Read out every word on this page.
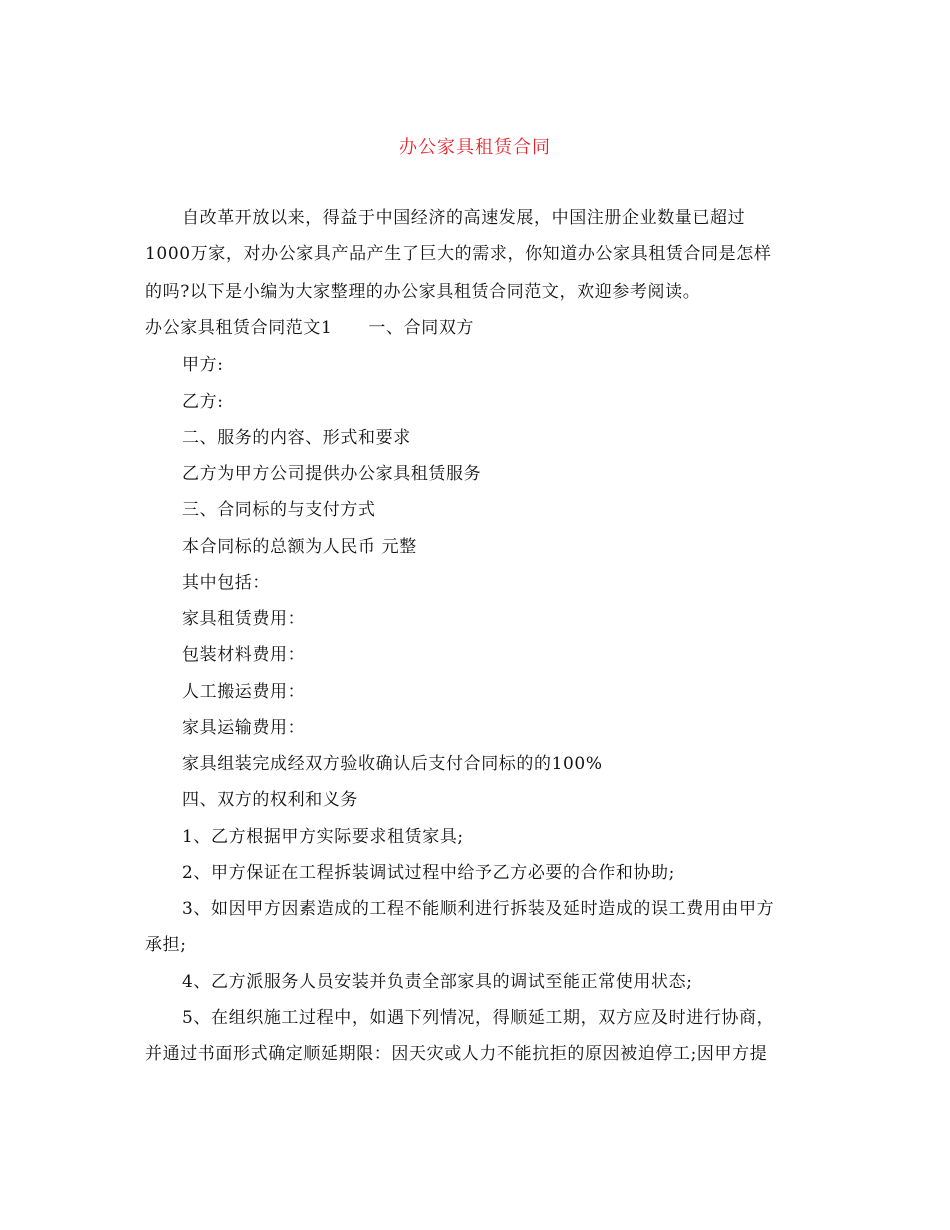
办公家具租赁合同
自改革开放以来，得益于中国经济的高速发展，中国注册企业数量已超过
1000万家，对办公家具产品产生了巨大的需求，你知道办公家具租赁合同是怎样
的吗?以下是小编为大家整理的办公家具租赁合同范文，欢迎参考阅读。
办公家具租赁合同范文1 一、合同双方
甲方:
乙方:
二、服务的内容、形式和要求
乙方为甲方公司提供办公家具租赁服务
三、合同标的与支付方式
本合同标的总额为人民币 元整
其中包括：
家具租赁费用：
包装材料费用：
人工搬运费用：
家具运输费用：
家具组装完成经双方验收确认后支付合同标的的100%
四、双方的权利和义务
1、乙方根据甲方实际要求租赁家具;
2、甲方保证在工程拆装调试过程中给予乙方必要的合作和协助;
3、如因甲方因素造成的工程不能顺利进行拆装及延时造成的误工费用由甲方
承担;
4、乙方派服务人员安装并负责全部家具的调试至能正常使用状态;
5、在组织施工过程中，如遇下列情况，得顺延工期，双方应及时进行协商，
并通过书面形式确定顺延期限：因天灾或人力不能抗拒的原因被迫停工;因甲方提
